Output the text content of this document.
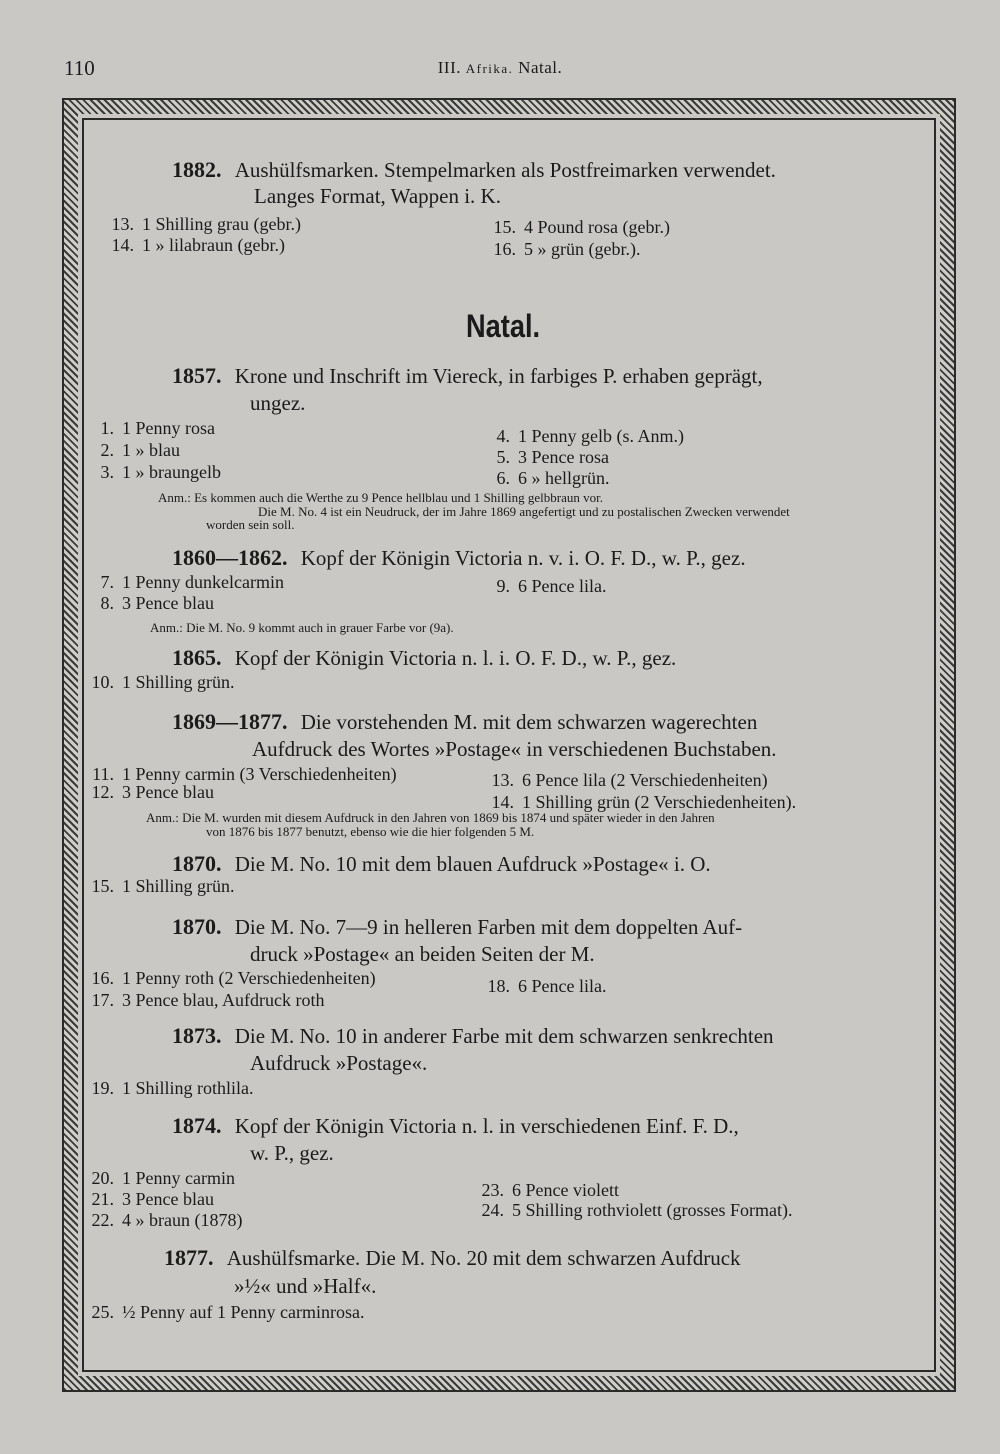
110	III. Afrika. Natal.
1882. Aushülfsmarken. Stempelmarken als Postfreimarken verwendet.
Langes Format, Wappen i. K.
13. 1 Shilling grau (gebr.)
14. 1 » lilabraun (gebr.)
15. 4 Pound rosa (gebr.)
16. 5 » grün (gebr.).
Natal.
1857. Krone und Inschrift im Viereck, in farbiges P. erhaben geprägt,
ungez.
1. 1 Penny rosa
2. 1 » blau
3. 1 » braungelb
4. 1 Penny gelb (s. Anm.)
5. 3 Pence rosa
6. 6 » hellgrün.
Anm.: Es kommen auch die Werthe zu 9 Pence hellblau und 1 Shilling gelbbraun vor.
Die M. No. 4 ist ein Neudruck, der im Jahre 1869 angefertigt und zu postalischen Zwecken verwendet
worden sein soll.
1860—1862. Kopf der Königin Victoria n. v. i. O. F. D., w. P., gez.
7. 1 Penny dunkelcarmin
8. 3 Pence blau
9. 6 Pence lila.
Anm.: Die M. No. 9 kommt auch in grauer Farbe vor (9a).
1865. Kopf der Königin Victoria n. l. i. O. F. D., w. P., gez.
10. 1 Shilling grün.
1869—1877. Die vorstehenden M. mit dem schwarzen wagerechten
Aufdruck des Wortes »Postage« in verschiedenen Buchstaben.
11. 1 Penny carmin (3 Verschiedenheiten)
12. 3 Pence blau
13. 6 Pence lila (2 Verschiedenheiten)
14. 1 Shilling grün (2 Verschiedenheiten).
Anm.: Die M. wurden mit diesem Aufdruck in den Jahren von 1869 bis 1874 und später wieder in den Jahren
von 1876 bis 1877 benutzt, ebenso wie die hier folgenden 5 M.
1870. Die M. No. 10 mit dem blauen Aufdruck »Postage« i. O.
15. 1 Shilling grün.
1870. Die M. No. 7—9 in helleren Farben mit dem doppelten Auf-
druck »Postage« an beiden Seiten der M.
16. 1 Penny roth (2 Verschiedenheiten)
17. 3 Pence blau, Aufdruck roth
18. 6 Pence lila.
1873. Die M. No. 10 in anderer Farbe mit dem schwarzen senkrechten
Aufdruck »Postage«.
19. 1 Shilling rothlila.
1874. Kopf der Königin Victoria n. l. in verschiedenen Einf. F. D.,
w. P., gez.
20. 1 Penny carmin
21. 3 Pence blau
22. 4 » braun (1878)
23. 6 Pence violett
24. 5 Shilling rothviolett (grosses Format).
1877. Aushülfsmarke. Die M. No. 20 mit dem schwarzen Aufdruck
»½« und »Half«.
25. ½ Penny auf 1 Penny carminrosa.
